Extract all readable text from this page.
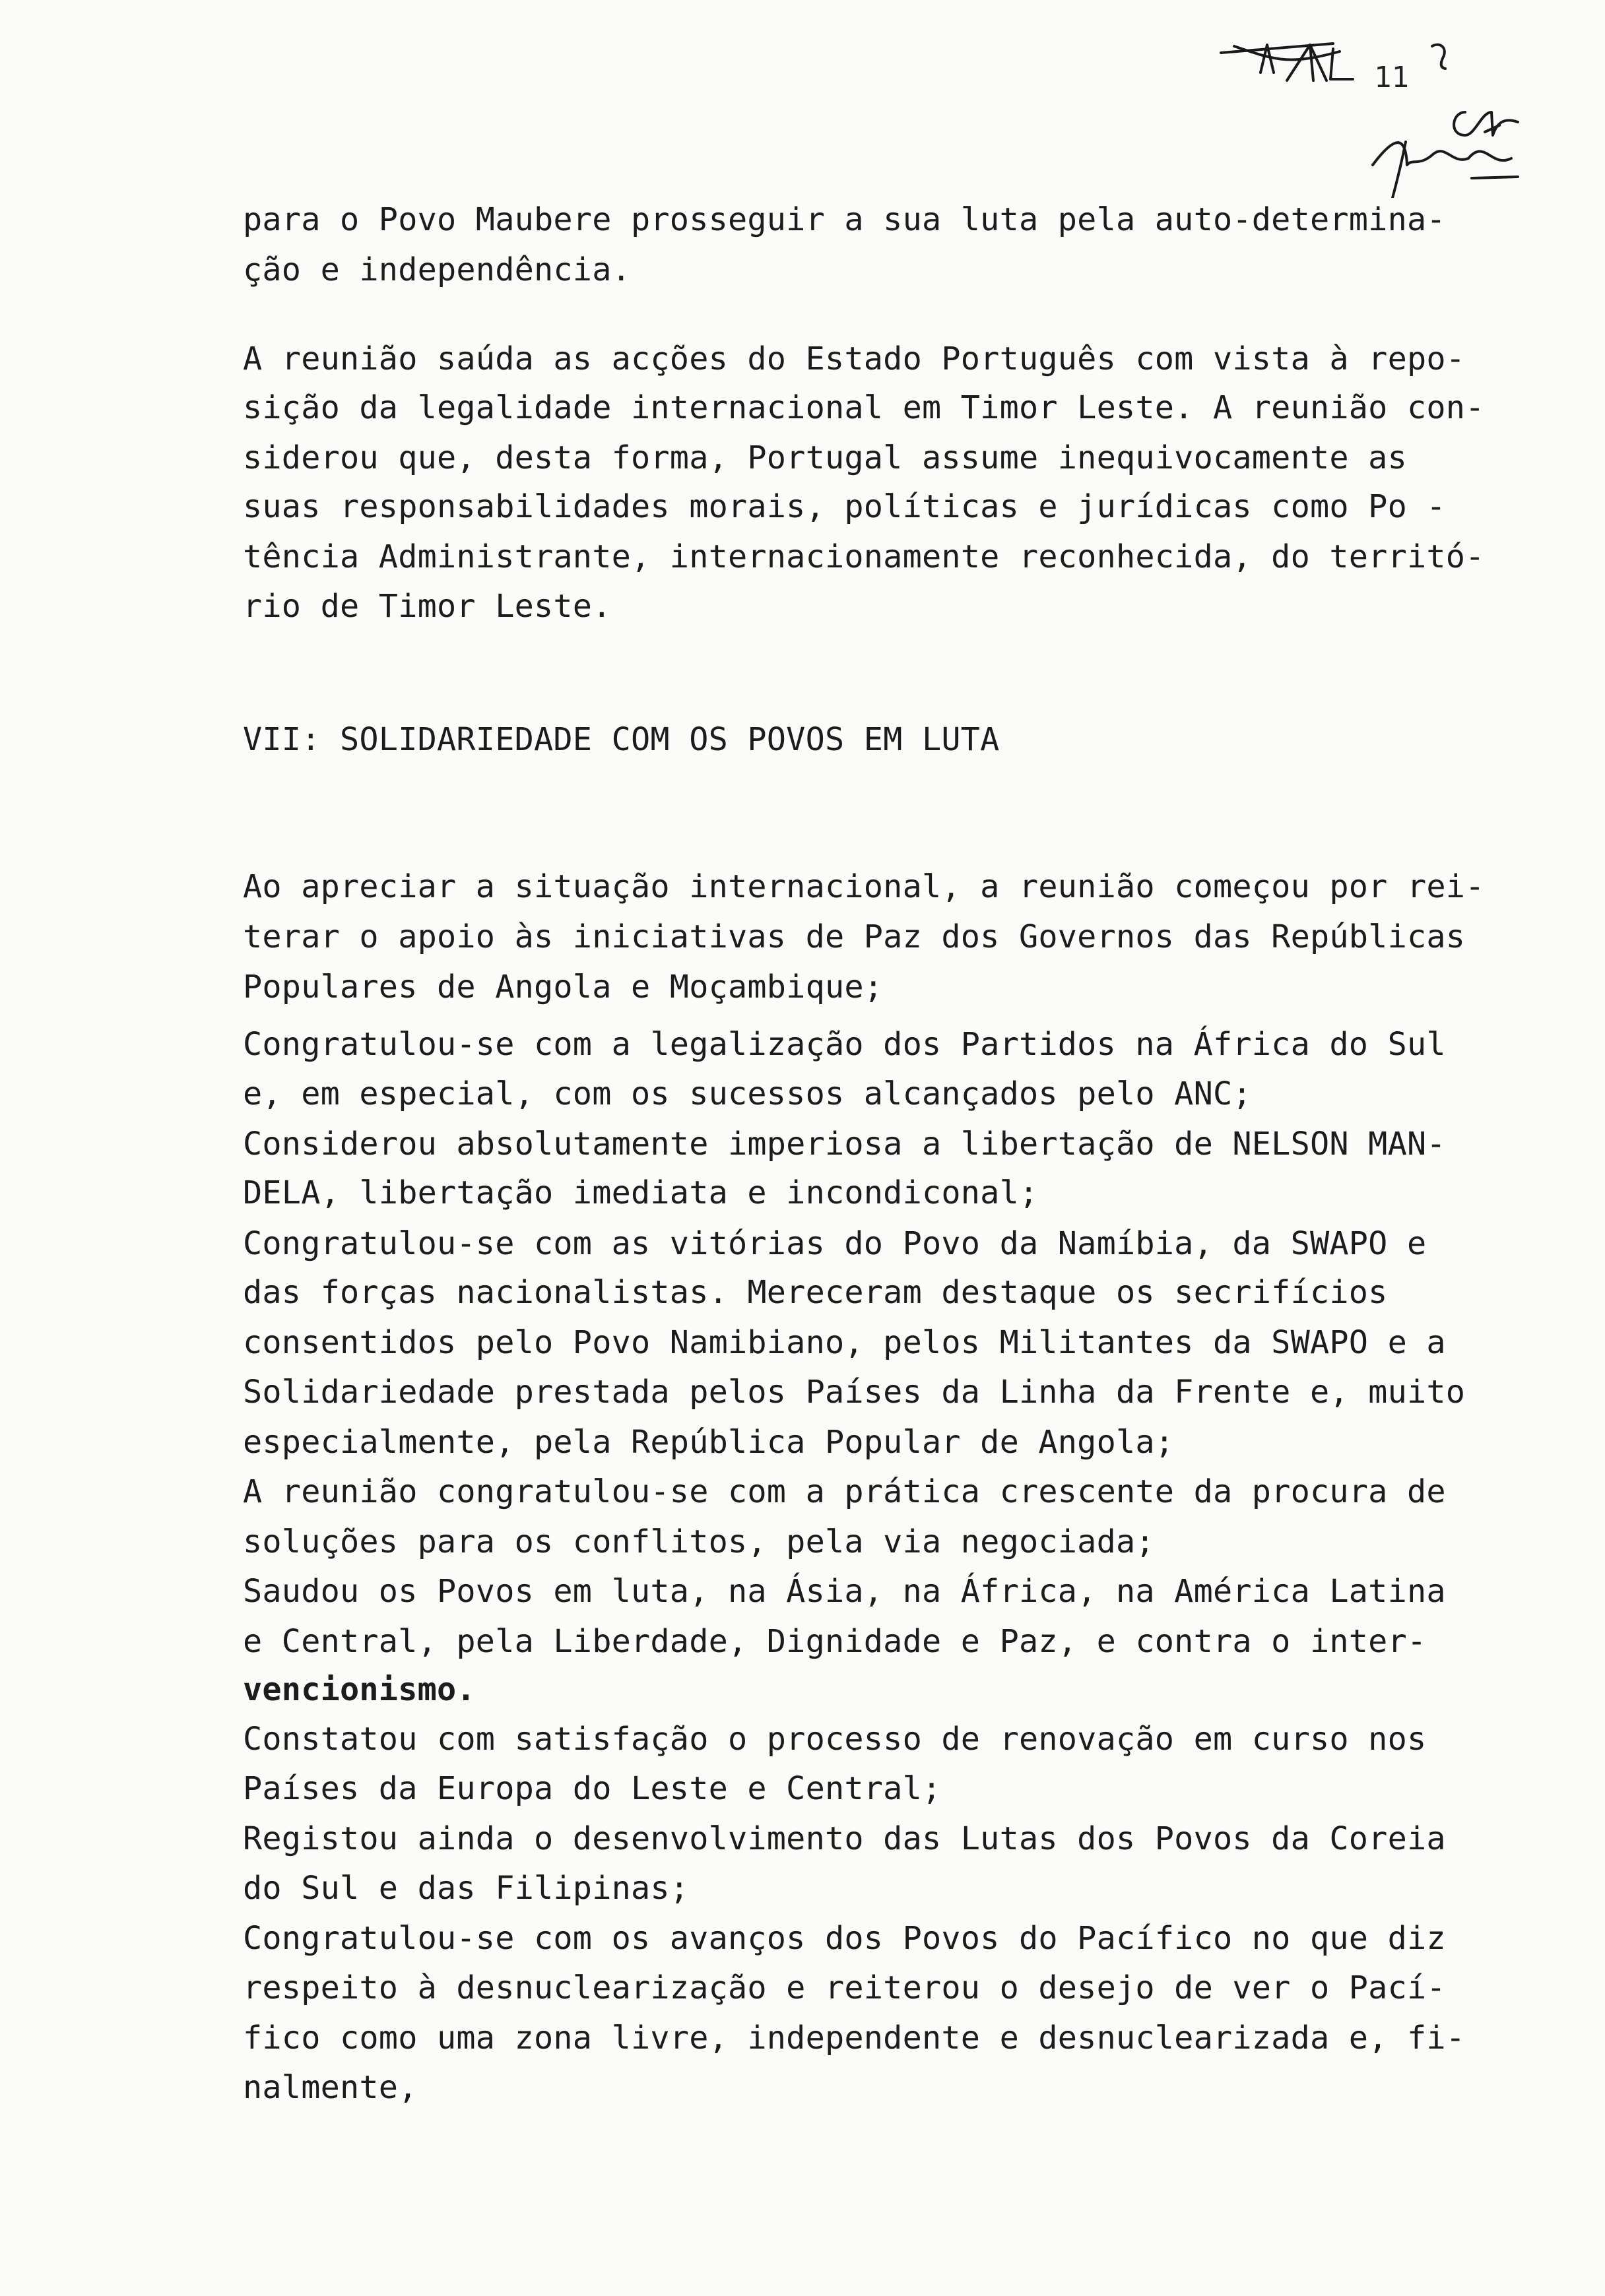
11

para o Povo Maubere prosseguir a sua luta pela auto-determina-

ção e independência.

A reunião saúda as acções do Estado Português com vista à repo-

sição da legalidade internacional em Timor Leste. A reunião con-

siderou que, desta forma, Portugal assume inequivocamente as

suas responsabilidades morais, políticas e jurídicas como Po -

tência Administrante, internacionamente reconhecida, do territó-

rio de Timor Leste.

VII: SOLIDARIEDADE COM OS POVOS EM LUTA

Ao apreciar a situação internacional, a reunião começou por rei-

terar o apoio às iniciativas de Paz dos Governos das Repúblicas

Populares de Angola e Moçambique;

Congratulou-se com a legalização dos Partidos na África do Sul

e, em especial, com os sucessos alcançados pelo ANC;

Considerou absolutamente imperiosa a libertação de NELSON MAN-

DELA, libertação imediata e incondiconal;

Congratulou-se com as vitórias do Povo da Namíbia, da SWAPO e

das forças nacionalistas. Mereceram destaque os secrifícios

consentidos pelo Povo Namibiano, pelos Militantes da SWAPO e a

Solidariedade prestada pelos Países da Linha da Frente e, muito

especialmente, pela República Popular de Angola;

A reunião congratulou-se com a prática crescente da procura de

soluções para os conflitos, pela via negociada;

Saudou os Povos em luta, na Ásia, na África, na América Latina

e Central, pela Liberdade, Dignidade e Paz, e contra o inter-

vencionismo.

Constatou com satisfação o processo de renovação em curso nos

Países da Europa do Leste e Central;

Registou ainda o desenvolvimento das Lutas dos Povos da Coreia

do Sul e das Filipinas;

Congratulou-se com os avanços dos Povos do Pacífico no que diz

respeito à desnuclearização e reiterou o desejo de ver o Pací-

fico como uma zona livre, independente e desnuclearizada e, fi-

nalmente,
